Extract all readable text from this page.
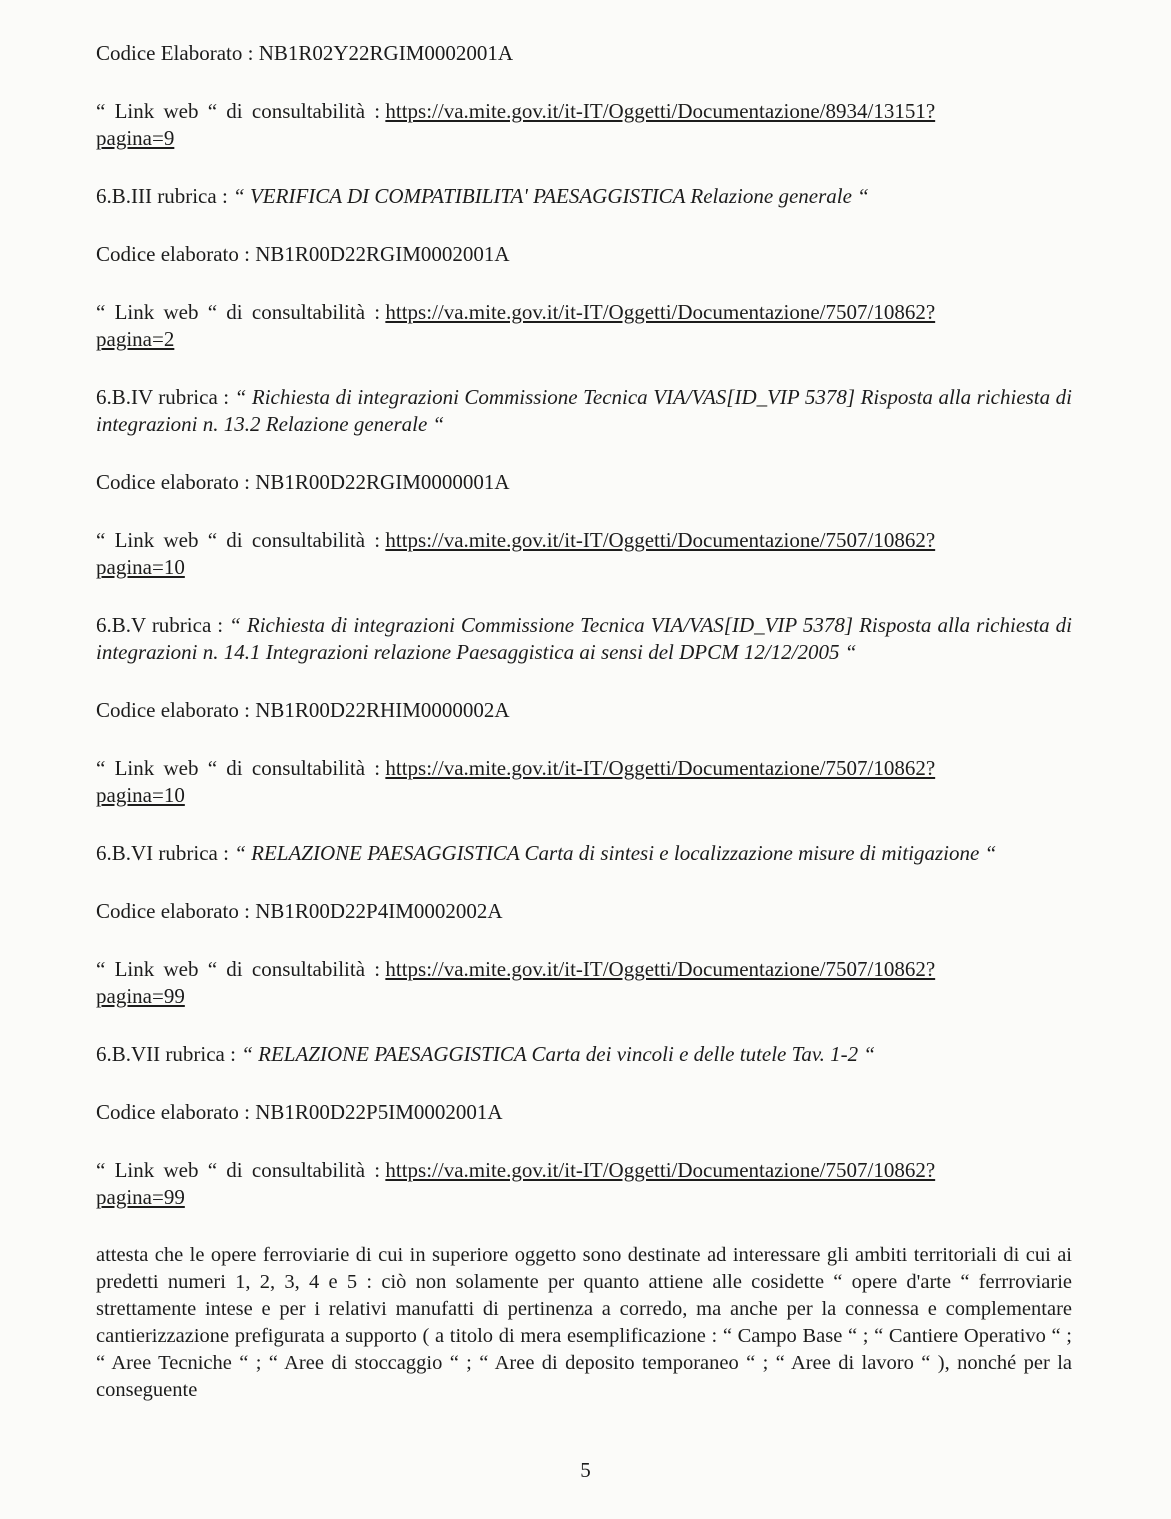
Codice Elaborato : NB1R02Y22RGIM0002001A

“ Link web “ di consultabilità : https://va.mite.gov.it/it-IT/Oggetti/Documentazione/8934/13151?
pagina=9

6.B.III rubrica : “ VERIFICA DI COMPATIBILITA' PAESAGGISTICA Relazione generale “

Codice elaborato : NB1R00D22RGIM0002001A

“ Link web “ di consultabilità : https://va.mite.gov.it/it-IT/Oggetti/Documentazione/7507/10862?
pagina=2

6.B.IV rubrica : “ Richiesta di integrazioni Commissione Tecnica VIA/VAS[ID_VIP 5378] Risposta alla richiesta di integrazioni n. 13.2 Relazione generale “

Codice elaborato : NB1R00D22RGIM0000001A

“ Link web “ di consultabilità : https://va.mite.gov.it/it-IT/Oggetti/Documentazione/7507/10862?
pagina=10

6.B.V rubrica : “ Richiesta di integrazioni Commissione Tecnica VIA/VAS[ID_VIP 5378] Risposta alla richiesta di integrazioni n. 14.1 Integrazioni relazione Paesaggistica ai sensi del DPCM 12/12/2005 “

Codice elaborato : NB1R00D22RHIM0000002A

“ Link web “ di consultabilità : https://va.mite.gov.it/it-IT/Oggetti/Documentazione/7507/10862?
pagina=10

6.B.VI rubrica : “ RELAZIONE PAESAGGISTICA Carta di sintesi e localizzazione misure di mitigazione “

Codice elaborato : NB1R00D22P4IM0002002A

“ Link web “ di consultabilità : https://va.mite.gov.it/it-IT/Oggetti/Documentazione/7507/10862?
pagina=99

6.B.VII rubrica : “ RELAZIONE PAESAGGISTICA Carta dei vincoli e delle tutele Tav. 1-2 “

Codice elaborato : NB1R00D22P5IM0002001A

“ Link web “ di consultabilità : https://va.mite.gov.it/it-IT/Oggetti/Documentazione/7507/10862?
pagina=99

attesta che le opere ferroviarie di cui in superiore oggetto sono destinate ad interessare gli ambiti territoriali di cui ai predetti numeri 1, 2, 3, 4 e 5 : ciò non solamente per quanto attiene alle cosidette “ opere d'arte “ ferrroviarie strettamente intese e per i relativi manufatti di pertinenza a corredo, ma anche per la connessa e complementare cantierizzazione prefigurata a supporto ( a titolo di mera esemplificazione : “ Campo Base “ ; “ Cantiere Operativo “ ; “ Aree Tecniche “ ; “ Aree di stoccaggio “ ; “ Aree di deposito temporaneo “ ; “ Aree di lavoro “ ), nonché per la conseguente

5
